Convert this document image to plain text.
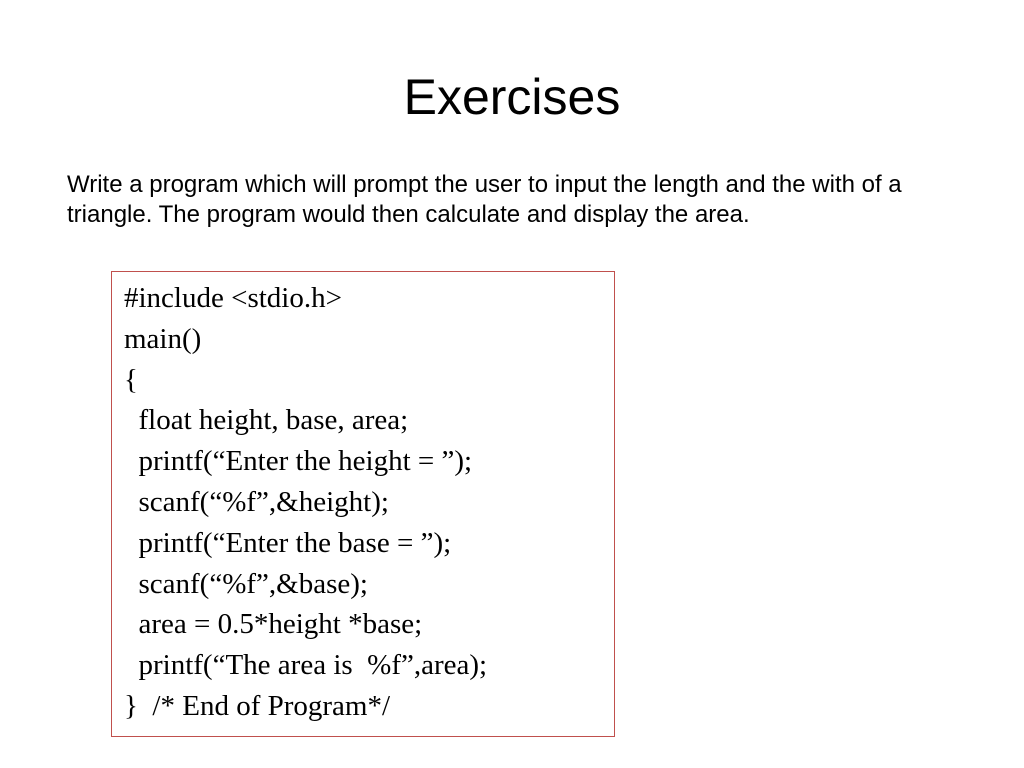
Exercises

Write a program which will prompt the user to input the length and the with of a triangle. The program would then calculate and display the area.

#include <stdio.h>
main()
{
float height, base, area;
printf(“Enter the height = ”);
scanf(“%f”,&height);
printf(“Enter the base = ”);
scanf(“%f”,&base);
area = 0.5*height *base;
printf(“The area is  %f”,area);
}  /* End of Program*/
